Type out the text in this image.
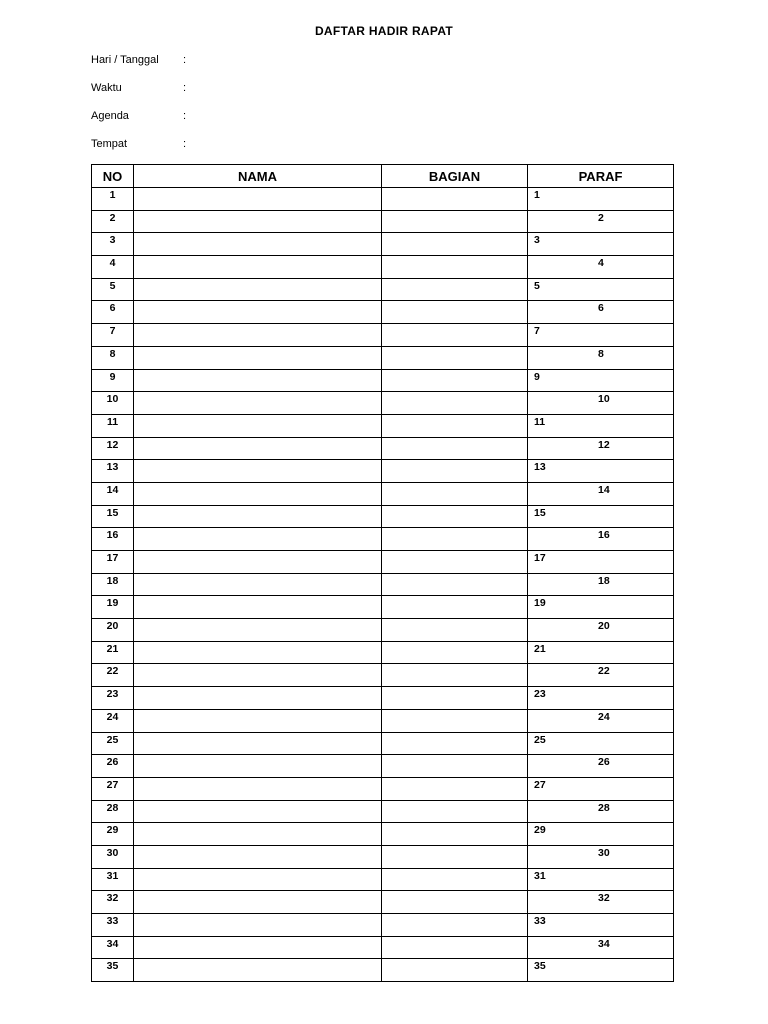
DAFTAR HADIR RAPAT
Hari / Tanggal	:
Waktu	:
Agenda	:
Tempat	:
NO	NAMA	BAGIAN	PARAF
1			1

2			2

3			3

4			4

5			5

6			6

7			7

8			8

9			9

10			10

11			11

12			12

13			13

14			14

15			15

16			16

17			17

18			18

19			19

20			20

21			21

22			22

23			23

24			24

25			25

26			26

27			27

28			28

29			29

30			30

31			31

32			32

33			33

34			34

35			35
